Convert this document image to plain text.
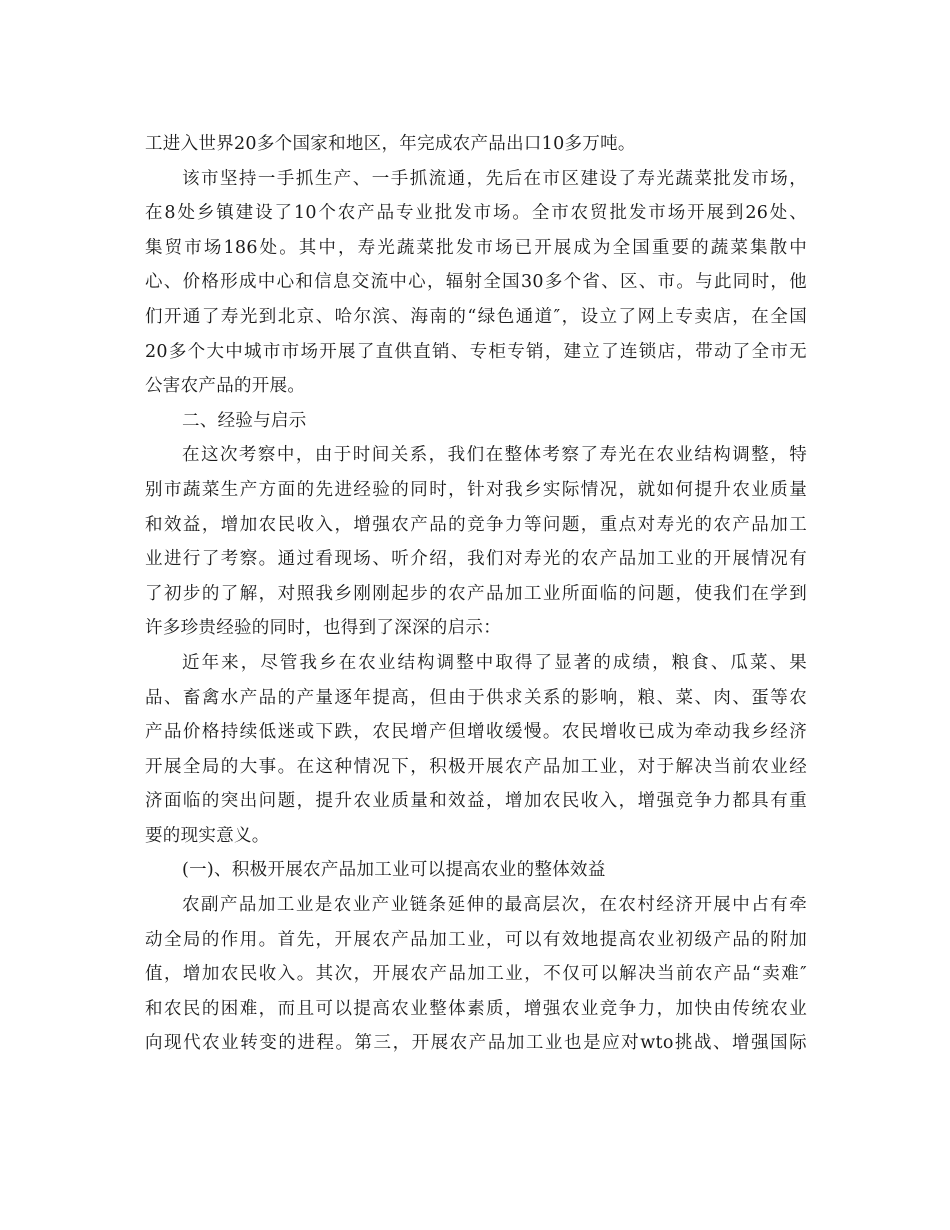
工进入世界20多个国家和地区，年完成农产品出口10多万吨。
该市坚持一手抓生产、一手抓流通，先后在市区建设了寿光蔬菜批发市场，
在8处乡镇建设了10个农产品专业批发市场。全市农贸批发市场开展到26处、
集贸市场186处。其中，寿光蔬菜批发市场已开展成为全国重要的蔬菜集散中
心、价格形成中心和信息交流中心，辐射全国30多个省、区、市。与此同时，他
们开通了寿光到北京、哈尔滨、海南的“绿色通道″，设立了网上专卖店，在全国
20多个大中城市市场开展了直供直销、专柜专销，建立了连锁店，带动了全市无
公害农产品的开展。
二、经验与启示
在这次考察中，由于时间关系，我们在整体考察了寿光在农业结构调整，特
别市蔬菜生产方面的先进经验的同时，针对我乡实际情况，就如何提升农业质量
和效益，增加农民收入，增强农产品的竞争力等问题，重点对寿光的农产品加工
业进行了考察。通过看现场、听介绍，我们对寿光的农产品加工业的开展情况有
了初步的了解，对照我乡刚刚起步的农产品加工业所面临的问题，使我们在学到
许多珍贵经验的同时，也得到了深深的启示：
近年来，尽管我乡在农业结构调整中取得了显著的成绩，粮食、瓜菜、果
品、畜禽水产品的产量逐年提高，但由于供求关系的影响，粮、菜、肉、蛋等农
产品价格持续低迷或下跌，农民增产但增收缓慢。农民增收已成为牵动我乡经济
开展全局的大事。在这种情况下，积极开展农产品加工业，对于解决当前农业经
济面临的突出问题，提升农业质量和效益，增加农民收入，增强竞争力都具有重
要的现实意义。
(一)、积极开展农产品加工业可以提高农业的整体效益
农副产品加工业是农业产业链条延伸的最高层次，在农村经济开展中占有牵
动全局的作用。首先，开展农产品加工业，可以有效地提高农业初级产品的附加
值，增加农民收入。其次，开展农产品加工业，不仅可以解决当前农产品“卖难″
和农民的困难，而且可以提高农业整体素质，增强农业竞争力，加快由传统农业
向现代农业转变的进程。第三，开展农产品加工业也是应对wto挑战、增强国际
